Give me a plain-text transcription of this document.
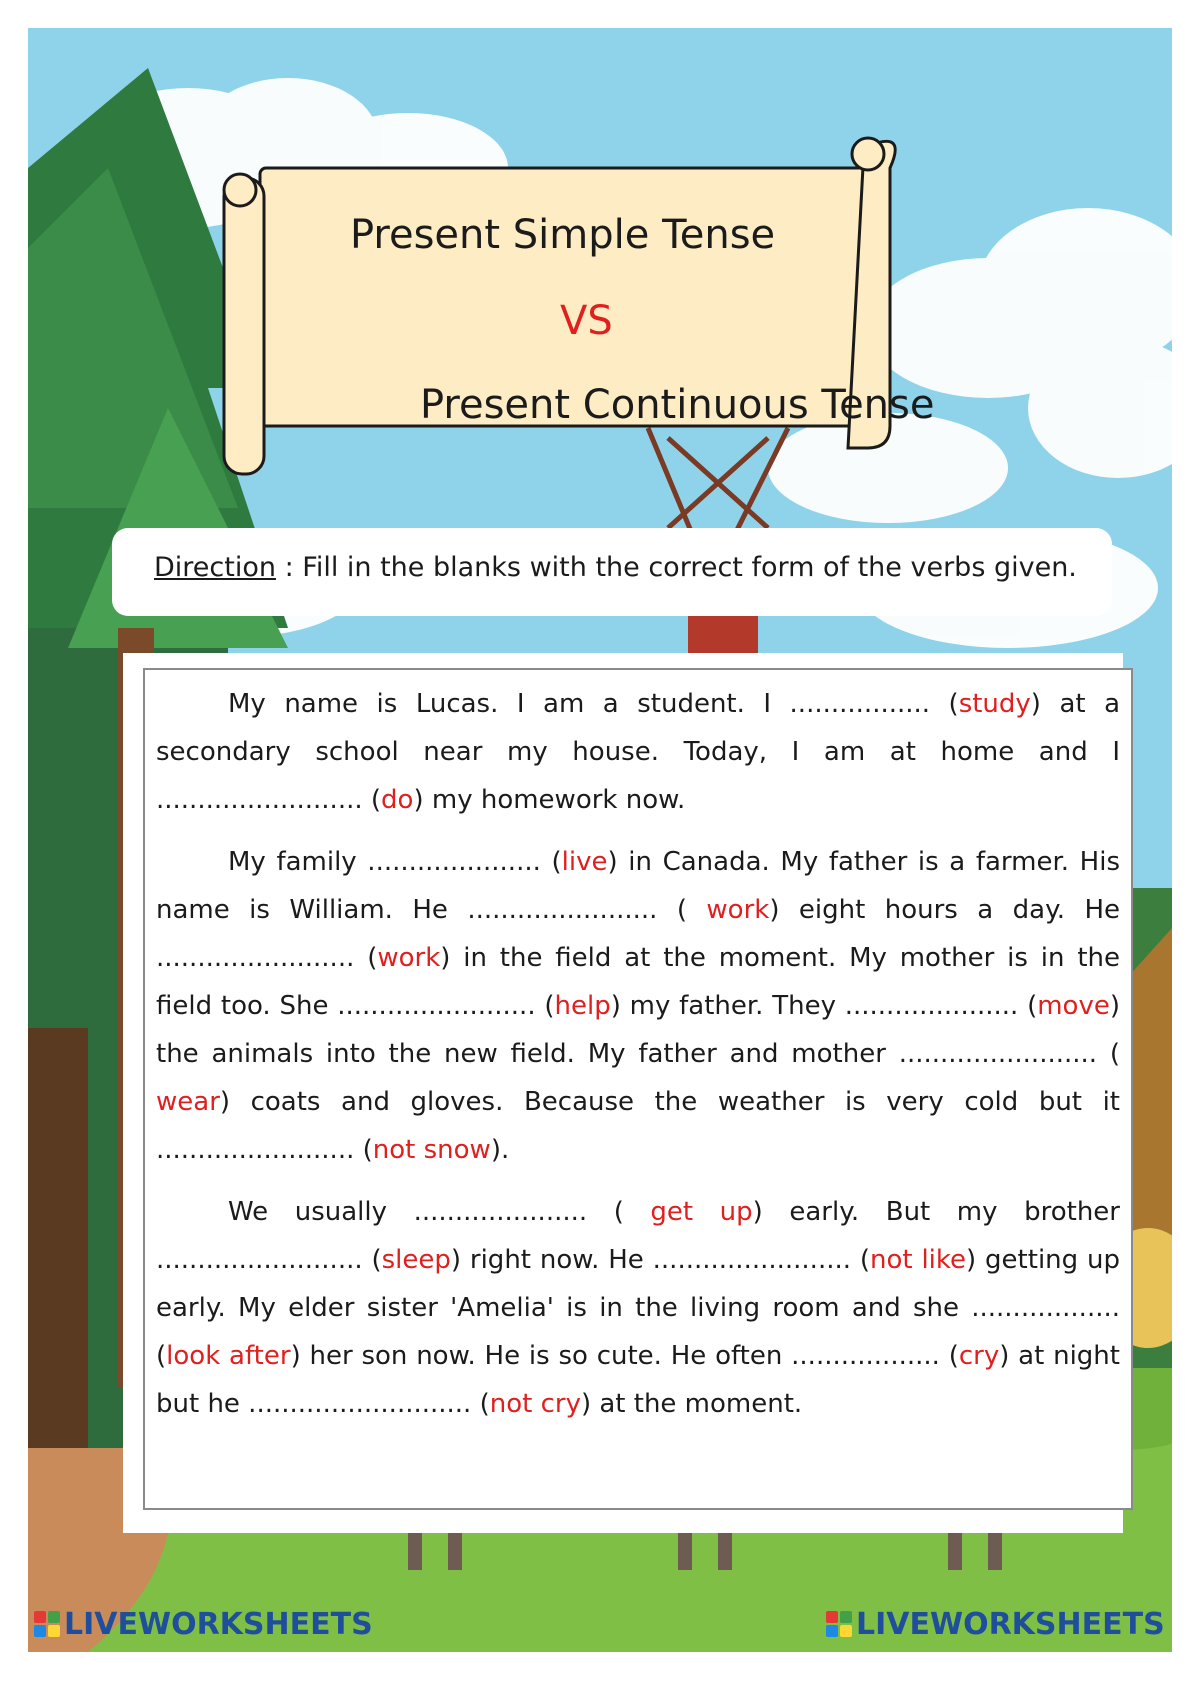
Present Simple Tense
VS
Present Continuous Tense
Direction : Fill in the blanks with the correct form of the verbs given.
My name is Lucas. I am a student. I ................. (study) at a secondary school near my house. Today, I am at home and I ......................... (do) my homework now.
My family ..................... (live) in Canada. My father is a farmer. His name is William. He ....................... ( work) eight hours a day. He ........................ (work) in the field at the moment. My mother is in the field too. She ........................ (help) my father. They ..................... (move) the animals into the new field. My father and mother ........................ ( wear) coats and gloves. Because the weather is very cold but it ........................ (not snow).
We usually ..................... ( get up) early. But my brother ......................... (sleep) right now. He ........................ (not like) getting up early. My elder sister 'Amelia' is in the living room and she .................. (look after) her son now. He is so cute. He often .................. (cry) at night but he ........................... (not cry) at the moment.
LIVEWORKSHEETS	LIVEWORKSHEETS
